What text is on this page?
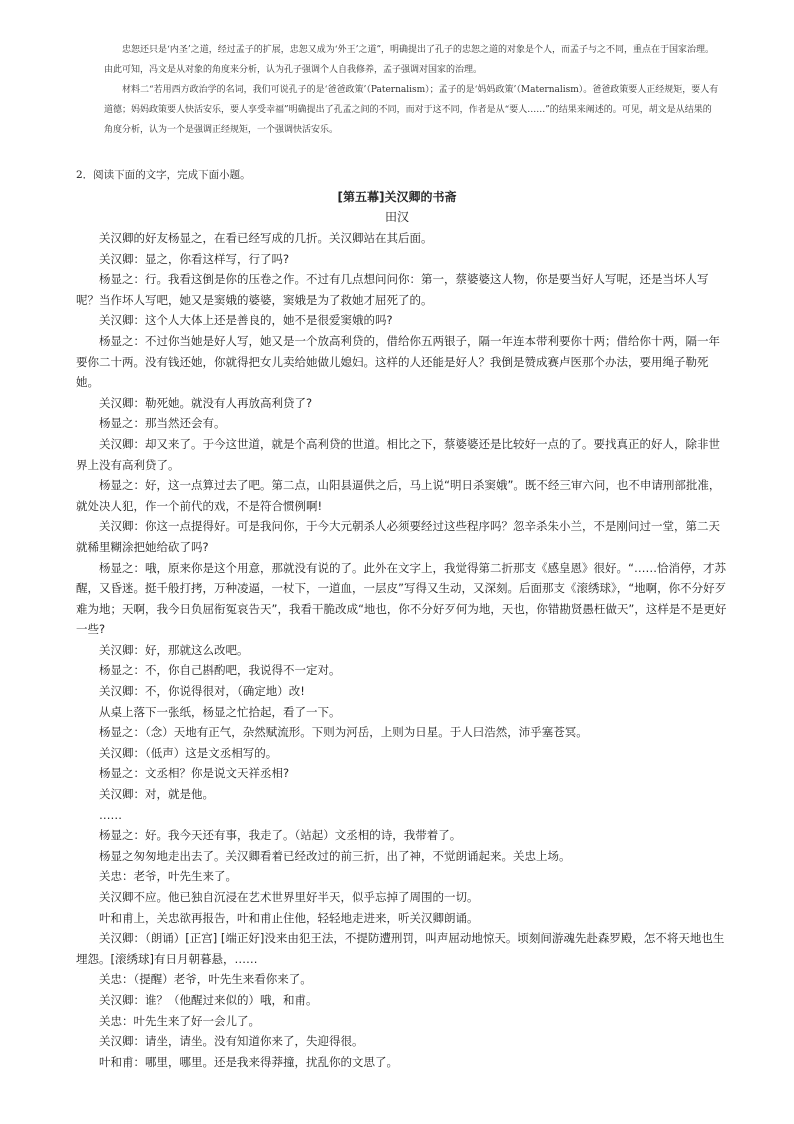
忠恕还只是‘内圣’之道，经过孟子的扩展，忠恕又成为‘外王’之道”，明确提出了孔子的忠恕之道的对象是个人，而孟子与之不同，重点在于国家治理。由此可知，冯文是从对象的角度来分析，认为孔子强调个人自我修养，孟子强调对国家的治理。

材料二“若用西方政治学的名词，我们可说孔子的是‘爸爸政策’（Paternalism）；孟子的是‘妈妈政策’（Maternalism）。爸爸政策要人正经规矩，要人有道德；妈妈政策要人快活安乐，要人享受幸福”明确提出了孔孟之间的不同，而对于这不同，作者是从“要人……”的结果来阐述的。可见，胡文是从结果的角度分析，认为一个是强调正经规矩，一个强调快活安乐。

2．阅读下面的文字，完成下面小题。
[第五幕]关汉卿的书斋
田汉

关汉卿的好友杨显之，在看已经写成的几折。关汉卿站在其后面。

关汉卿：显之，你看这样写，行了吗?

杨显之：行。我看这倒是你的压卷之作。不过有几点想问问你：第一，蔡婆婆这人物，你是要当好人写呢，还是当坏人写呢？当作坏人写吧，她又是窦娥的婆婆，窦娥是为了救她才屈死了的。

关汉卿：这个人大体上还是善良的，她不是很爱窦娥的吗?

杨显之：不过你当她是好人写，她又是一个放高利贷的，借给你五两银子，隔一年连本带利要你十两；借给你十两，隔一年要你二十两。没有钱还她，你就得把女儿卖给她做儿媳妇。这样的人还能是好人？我倒是赞成赛卢医那个办法，要用绳子勒死她。

关汉卿：勒死她。就没有人再放高利贷了?

杨显之：那当然还会有。

关汉卿：却又来了。于今这世道，就是个高利贷的世道。相比之下，蔡婆婆还是比较好一点的了。要找真正的好人，除非世界上没有高利贷了。

杨显之：好，这一点算过去了吧。第二点，山阳县逼供之后，马上说“明日杀窦娥”。既不经三审六问，也不申请刑部批准，就处决人犯，作一个前代的戏，不是符合惯例啊!

关汉卿：你这一点提得好。可是我问你，于今大元朝杀人必须要经过这些程序吗？忽辛杀朱小兰，不是刚问过一堂，第二天就稀里糊涂把她给砍了吗?

杨显之：哦，原来你是这个用意，那就没有说的了。此外在文字上，我觉得第二折那支《感皇恩》很好。“……恰消停，才苏醒，又昏迷。挺千般打拷，万种凌逼，一杖下，一道血，一层皮”写得又生动，又深刻。后面那支《滚绣球》，“地啊，你不分好歹难为地；天啊，我今日负屈衔冤哀告天”，我看干脆改成“地也，你不分好歹何为地，天也，你错勘贤愚枉做天”，这样是不是更好一些?

关汉卿：好，那就这么改吧。

杨显之：不，你自己斟酌吧，我说得不一定对。

关汉卿：不，你说得很对，（确定地）改!

从桌上落下一张纸，杨显之忙拾起，看了一下。

杨显之：（念）天地有正气，杂然赋流形。下则为河岳，上则为日星。于人曰浩然，沛乎塞苍冥。

关汉卿：（低声）这是文丞相写的。

杨显之：文丞相？你是说文天祥丞相?

关汉卿：对，就是他。

……

杨显之：好。我今天还有事，我走了。（站起）文丞相的诗，我带着了。

杨显之匆匆地走出去了。关汉卿看着已经改过的前三折，出了神，不觉朗诵起来。关忠上场。

关忠：老爷，叶先生来了。

关汉卿不应。他已独自沉浸在艺术世界里好半天，似乎忘掉了周围的一切。

叶和甫上，关忠欲再报告，叶和甫止住他，轻轻地走进来，听关汉卿朗诵。

关汉卿：（朗诵）[正宫] [端正好]没来由犯王法，不提防遭刑罚，叫声屈动地惊天。顷刻间游魂先赴森罗殿，怎不将天地也生埋怨。[滚绣球]有日月朝暮悬，……

关忠：（提醒）老爷，叶先生来看你来了。

关汉卿：谁？（他醒过来似的）哦，和甫。

关忠：叶先生来了好一会儿了。

关汉卿：请坐，请坐。没有知道你来了，失迎得很。

叶和甫：哪里，哪里。还是我来得莽撞，扰乱你的文思了。
